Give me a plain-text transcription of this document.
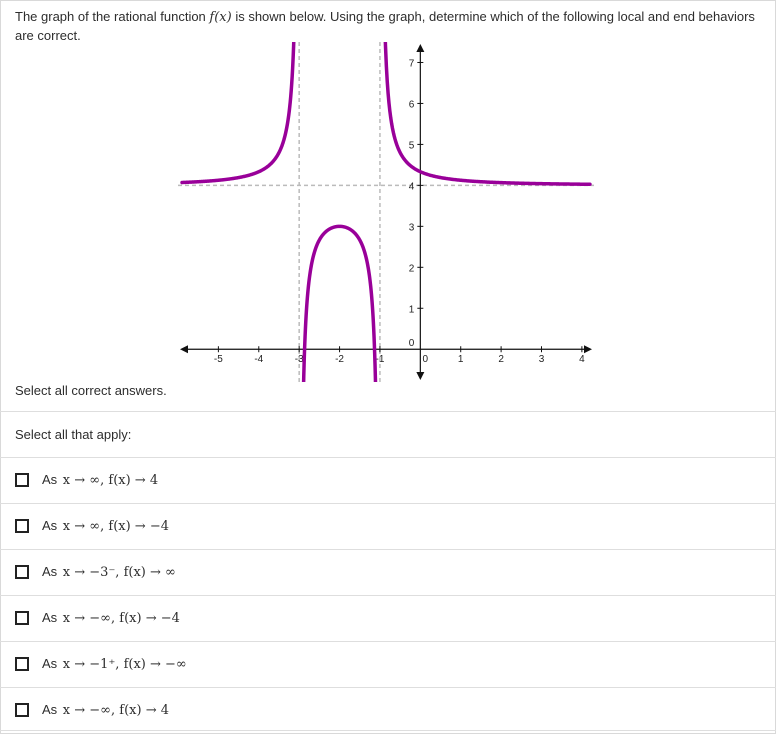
The graph of the rational function f(x) is shown below. Using the graph, determine which of the following local and end behaviors are correct.
-5	-4	-3	-2	-1	0	1	2	3	4
0
1
2
3
4
5
6
7
Select all correct answers.
Select all that apply:
As x → ∞, f(x) → 4
As x → ∞, f(x) → −4
As x → −3⁻, f(x) → ∞
As x → −∞, f(x) → −4
As x → −1⁺, f(x) → −∞
As x → −∞, f(x) → 4
